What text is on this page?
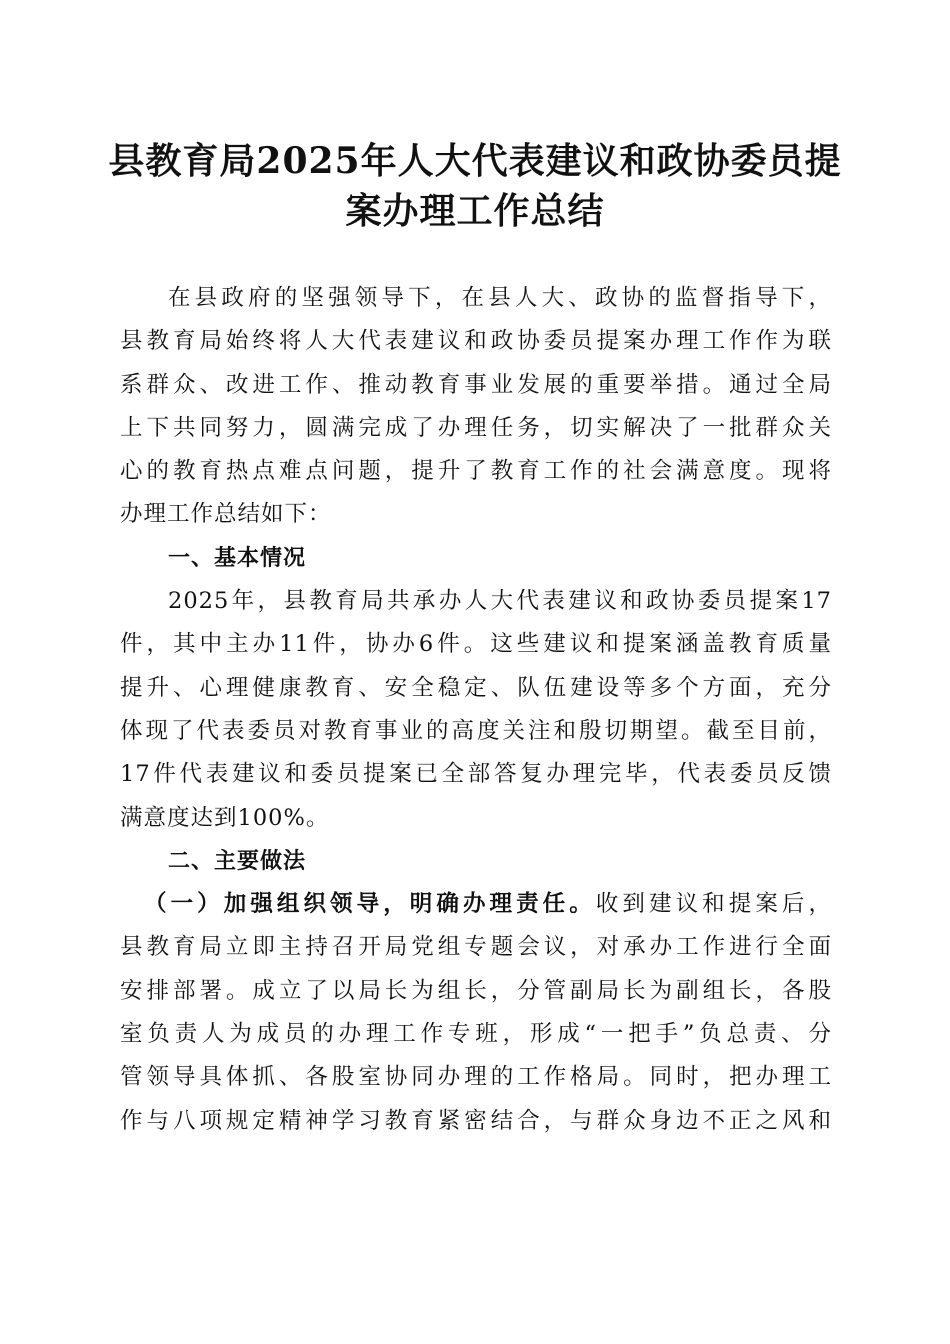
县教育局2025年人大代表建议和政协委员提
案办理工作总结
在县政府的坚强领导下，在县人大、政协的监督指导下，
县教育局始终将人大代表建议和政协委员提案办理工作作为联
系群众、改进工作、推动教育事业发展的重要举措。通过全局
上下共同努力，圆满完成了办理任务，切实解决了一批群众关
心的教育热点难点问题，提升了教育工作的社会满意度。现将
办理工作总结如下：
一、基本情况
2025年，县教育局共承办人大代表建议和政协委员提案17
件，其中主办11件，协办6件。这些建议和提案涵盖教育质量
提升、心理健康教育、安全稳定、队伍建设等多个方面，充分
体现了代表委员对教育事业的高度关注和殷切期望。截至目前，
17件代表建议和委员提案已全部答复办理完毕，代表委员反馈
满意度达到100%。
二、主要做法
（一）加强组织领导，明确办理责任。收到建议和提案后，
县教育局立即主持召开局党组专题会议，对承办工作进行全面
安排部署。成立了以局长为组长，分管副局长为副组长，各股
室负责人为成员的办理工作专班，形成“一把手”负总责、分
管领导具体抓、各股室协同办理的工作格局。同时，把办理工
作与八项规定精神学习教育紧密结合，与群众身边不正之风和
